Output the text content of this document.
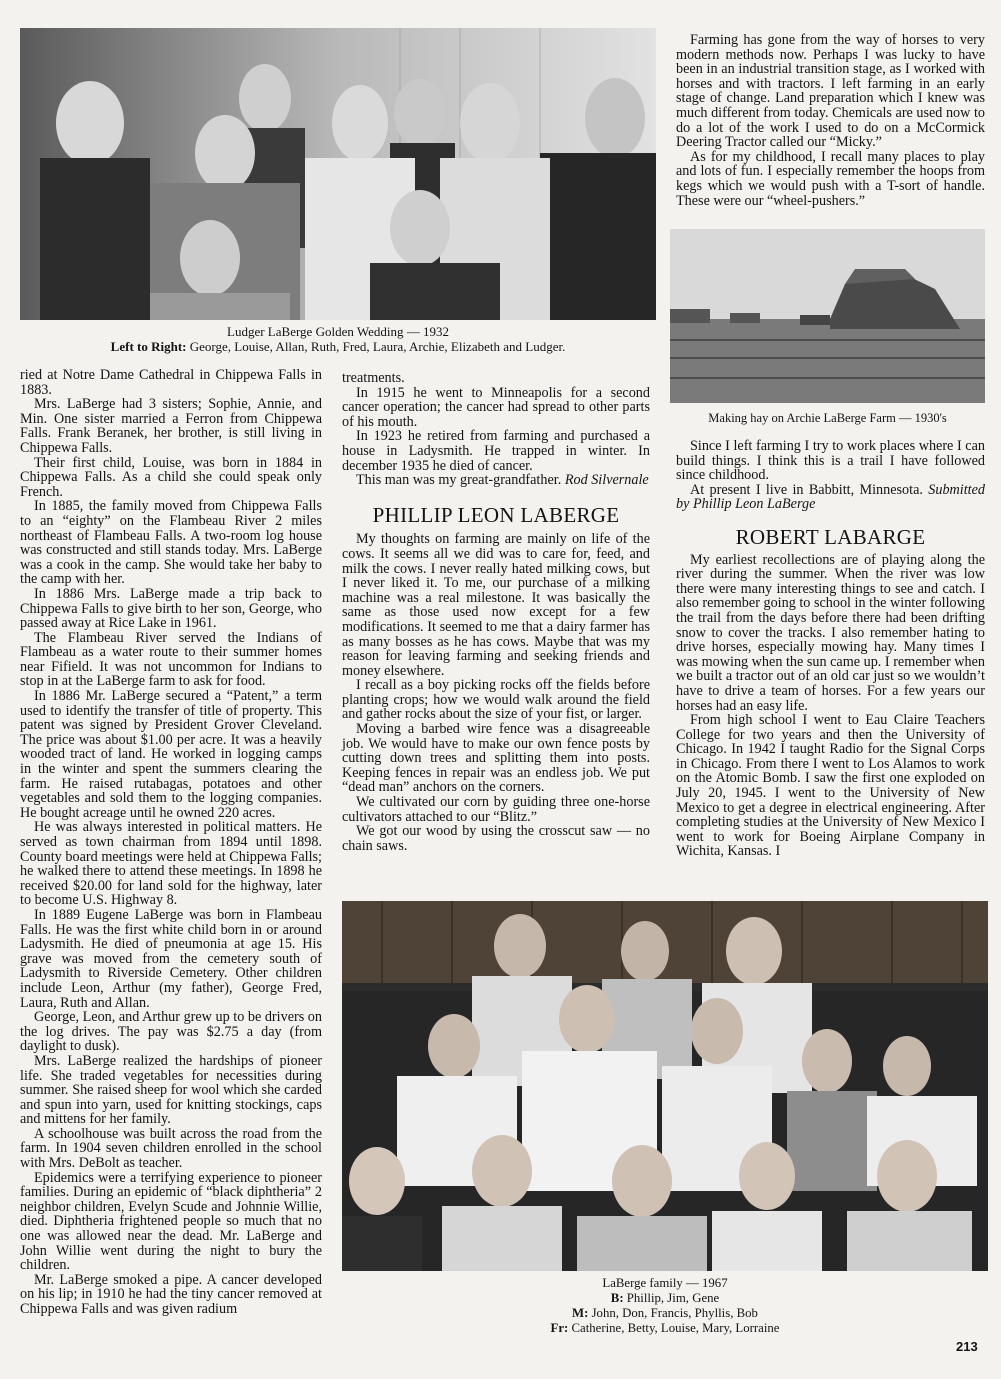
Ludger LaBerge Golden Wedding — 1932
Left to Right: George, Louise, Allan, Ruth, Fred, Laura, Archie, Elizabeth and Ludger.
Making hay on Archie LaBerge Farm — 1930's
LaBerge family — 1967
B: Phillip, Jim, Gene
M: John, Don, Francis, Phyllis, Bob
Fr: Catherine, Betty, Louise, Mary, Lorraine

ried at Notre Dame Cathedral in Chippewa Falls in 1883.

Mrs. LaBerge had 3 sisters; Sophie, Annie, and Min. One sister married a Ferron from Chippewa Falls. Frank Beranek, her brother, is still living in Chippewa Falls.

Their first child, Louise, was born in 1884 in Chippewa Falls. As a child she could speak only French.

In 1885, the family moved from Chippewa Falls to an “eighty” on the Flambeau River 2 miles northeast of Flambeau Falls. A two-room log house was constructed and still stands today. Mrs. LaBerge was a cook in the camp. She would take her baby to the camp with her.

In 1886 Mrs. LaBerge made a trip back to Chippewa Falls to give birth to her son, George, who passed away at Rice Lake in 1961.

The Flambeau River served the Indians of Flambeau as a water route to their summer homes near Fifield. It was not uncommon for Indians to stop in at the LaBerge farm to ask for food.

In 1886 Mr. LaBerge secured a “Patent,” a term used to identify the transfer of title of property. This patent was signed by President Grover Cleveland. The price was about $1.00 per acre. It was a heavily wooded tract of land. He worked in logging camps in the winter and spent the summers clearing the farm. He raised rutabagas, potatoes and other vegetables and sold them to the logging companies. He bought acreage until he owned 220 acres.

He was always interested in political matters. He served as town chairman from 1894 until 1898. County board meetings were held at Chippewa Falls; he walked there to attend these meetings. In 1898 he received $20.00 for land sold for the highway, later to become U.S. Highway 8.

In 1889 Eugene LaBerge was born in Flambeau Falls. He was the first white child born in or around Ladysmith. He died of pneumonia at age 15. His grave was moved from the cemetery south of Ladysmith to Riverside Cemetery. Other children include Leon, Arthur (my father), George Fred, Laura, Ruth and Allan.

George, Leon, and Arthur grew up to be drivers on the log drives. The pay was $2.75 a day (from daylight to dusk).

Mrs. LaBerge realized the hardships of pioneer life. She traded vegetables for necessities during summer. She raised sheep for wool which she carded and spun into yarn, used for knitting stockings, caps and mittens for her family.

A schoolhouse was built across the road from the farm. In 1904 seven children enrolled in the school with Mrs. DeBolt as teacher.

Epidemics were a terrifying experience to pioneer families. During an epidemic of “black diphtheria” 2 neighbor children, Evelyn Scude and Johnnie Willie, died. Diphtheria frightened people so much that no one was allowed near the dead. Mr. LaBerge and John Willie went during the night to bury the children.

Mr. LaBerge smoked a pipe. A cancer developed on his lip; in 1910 he had the tiny cancer removed at Chippewa Falls and was given radium

treatments.

In 1915 he went to Minneapolis for a second cancer operation; the cancer had spread to other parts of his mouth.

In 1923 he retired from farming and purchased a house in Ladysmith. He trapped in winter. In december 1935 he died of cancer.

This man was my great-grandfather. Rod Silvernale

PHILLIP LEON LABERGE

My thoughts on farming are mainly on life of the cows. It seems all we did was to care for, feed, and milk the cows. I never really hated milking cows, but I never liked it. To me, our purchase of a milking machine was a real milestone. It was basically the same as those used now except for a few modifications. It seemed to me that a dairy farmer has as many bosses as he has cows. Maybe that was my reason for leaving farming and seeking friends and money elsewhere.

I recall as a boy picking rocks off the fields before planting crops; how we would walk around the field and gather rocks about the size of your fist, or larger.

Moving a barbed wire fence was a disagreeable job. We would have to make our own fence posts by cutting down trees and splitting them into posts. Keeping fences in repair was an endless job. We put “dead man” anchors on the corners.

We cultivated our corn by guiding three one-horse cultivators attached to our “Blitz.”

We got our wood by using the crosscut saw — no chain saws.

Farming has gone from the way of horses to very modern methods now. Perhaps I was lucky to have been in an industrial transition stage, as I worked with horses and with tractors. I left farming in an early stage of change. Land preparation which I knew was much different from today. Chemicals are used now to do a lot of the work I used to do on a McCormick Deering Tractor called our “Micky.”

As for my childhood, I recall many places to play and lots of fun. I especially remember the hoops from kegs which we would push with a T-sort of handle. These were our “wheel-pushers.”

Since I left farming I try to work places where I can build things. I think this is a trail I have followed since childhood.

At present I live in Babbitt, Minnesota. Submitted by Phillip Leon LaBerge

ROBERT LABARGE

My earliest recollections are of playing along the river during the summer. When the river was low there were many interesting things to see and catch. I also remember going to school in the winter following the trail from the days before there had been drifting snow to cover the tracks. I also remember hating to drive horses, especially mowing hay. Many times I was mowing when the sun came up. I remember when we built a tractor out of an old car just so we wouldn’t have to drive a team of horses. For a few years our horses had an easy life.

From high school I went to Eau Claire Teachers College for two years and then the University of Chicago. In 1942 I taught Radio for the Signal Corps in Chicago. From there I went to Los Alamos to work on the Atomic Bomb. I saw the first one exploded on July 20, 1945. I went to the University of New Mexico to get a degree in electrical engineering. After completing studies at the University of New Mexico I went to work for Boeing Airplane Company in Wichita, Kansas. I

213
